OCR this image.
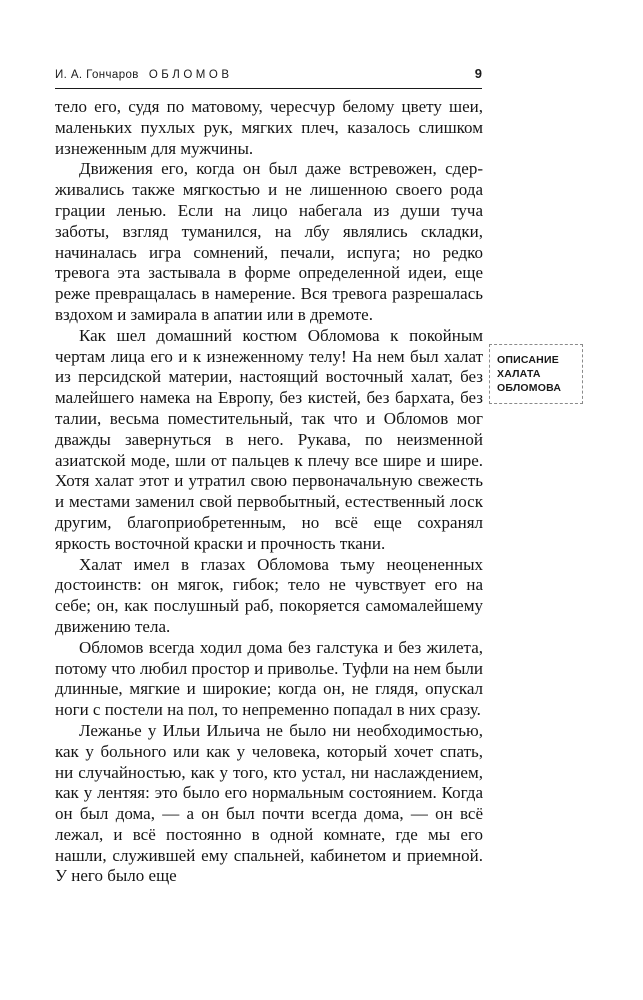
И. А. Гончаров ОБЛОМОВ	9

тело его, судя по матовому, чересчур белому цвету шеи, маленьких пухлых рук, мягких плеч, казалось слишком изнеженным для мужчины.

Движения его, когда он был даже встревожен, сдерживались также мягкостью и не лишенною своего рода грации ленью. Если на лицо набегала из души туча заботы, взгляд туманился, на лбу являлись складки, начиналась игра сомнений, печали, испуга; но редко тревога эта застывала в форме определенной идеи, еще реже превращалась в намерение. Вся тревога разрешалась вздохом и замирала в апатии или в дремоте.

Как шел домашний костюм Обломова к покойным чертам лица его и к изнеженному телу! На нем был халат из персидской материи, настоящий восточный халат, без малейшего намека на Европу, без кистей, без бархата, без талии, весьма поместительный, так что и Обломов мог дважды завернуться в него. Рукава, по неизменной азиатской моде, шли от пальцев к плечу все шире и шире. Хотя халат этот и утратил свою первоначальную свежесть и местами заменил свой первобытный, естественный лоск другим, благоприобретенным, но всё еще сохранял яркость восточной краски и прочность ткани.

Халат имел в глазах Обломова тьму неоцененных достоинств: он мягок, гибок; тело не чувствует его на себе; он, как послушный раб, покоряется самомалейшему движению тела.

Обломов всегда ходил дома без галстука и без жилета, потому что любил простор и приволье. Туфли на нем были длинные, мягкие и широкие; когда он, не глядя, опускал ноги с постели на пол, то непременно попадал в них сразу.

Лежанье у Ильи Ильича не было ни необходимостью, как у больного или как у человека, который хочет спать, ни случайностью, как у того, кто устал, ни наслаждением, как у лентяя: это было его нормальным состоянием. Когда он был дома, — а он был почти всегда дома, — он всё лежал, и всё постоянно в одной комнате, где мы его нашли, служившей ему спальней, кабинетом и приемной. У него было еще

ОПИСАНИЕ
ХАЛАТА
ОБЛОМОВА
